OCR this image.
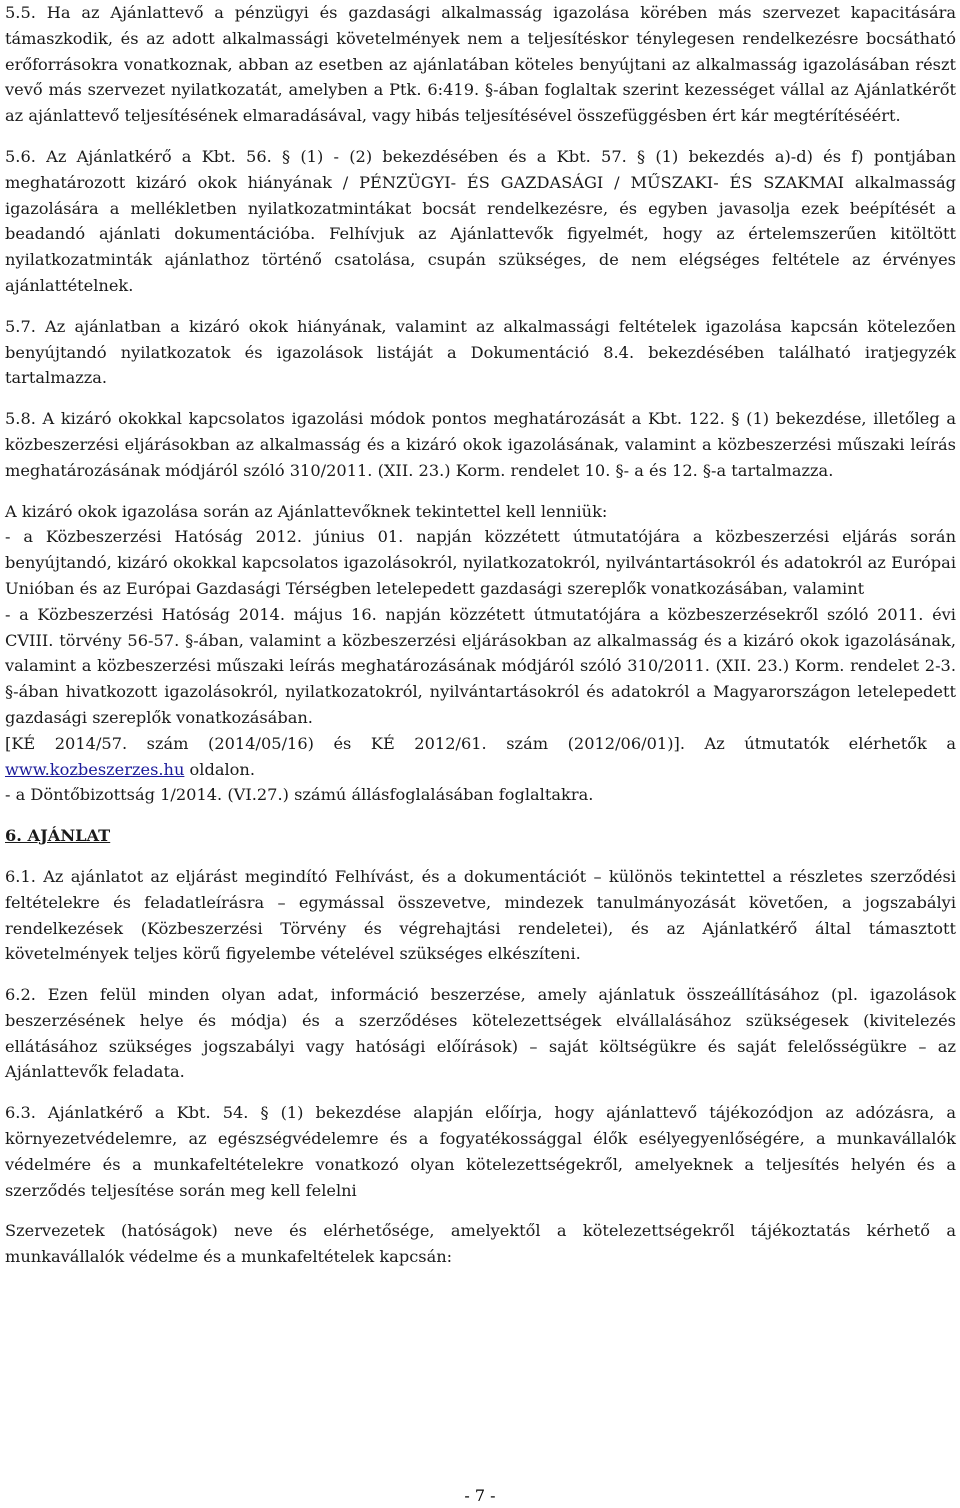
5.5. Ha az Ajánlattevő a pénzügyi és gazdasági alkalmasság igazolása körében más szervezet kapacitására támaszkodik, és az adott alkalmassági követelmények nem a teljesítéskor ténylegesen rendelkezésre bocsátható erőforrásokra vonatkoznak, abban az esetben az ajánlatában köteles benyújtani az alkalmasság igazolásában részt vevő más szervezet nyilatkozatát, amelyben a Ptk. 6:419. §-ában foglaltak szerint kezességet vállal az Ajánlatkérőt az ajánlattevő teljesítésének elmaradásával, vagy hibás teljesítésével összefüggésben ért kár megtérítéséért.

5.6. Az Ajánlatkérő a Kbt. 56. § (1) - (2) bekezdésében és a Kbt. 57. § (1) bekezdés a)-d) és f) pontjában meghatározott kizáró okok hiányának / PÉNZÜGYI- ÉS GAZDASÁGI / MŰSZAKI- ÉS SZAKMAI alkalmasság igazolására a mellékletben nyilatkozatmintákat bocsát rendelkezésre, és egyben javasolja ezek beépítését a beadandó ajánlati dokumentációba. Felhívjuk az Ajánlattevők figyelmét, hogy az értelemszerűen kitöltött nyilatkozatminták ajánlathoz történő csatolása, csupán szükséges, de nem elégséges feltétele az érvényes ajánlattételnek.

5.7. Az ajánlatban a kizáró okok hiányának, valamint az alkalmassági feltételek igazolása kapcsán kötelezően benyújtandó nyilatkozatok és igazolások listáját a Dokumentáció 8.4. bekezdésében található iratjegyzék tartalmazza.

5.8. A kizáró okokkal kapcsolatos igazolási módok pontos meghatározását a Kbt. 122. § (1) bekezdése, illetőleg a közbeszerzési eljárásokban az alkalmasság és a kizáró okok igazolásának, valamint a közbeszerzési műszaki leírás meghatározásának módjáról szóló 310/2011. (XII. 23.) Korm. rendelet 10. §- a és 12. §-a tartalmazza.

A kizáró okok igazolása során az Ajánlattevőknek tekintettel kell lenniük:

- a Közbeszerzési Hatóság 2012. június 01. napján közzétett útmutatójára a közbeszerzési eljárás során benyújtandó, kizáró okokkal kapcsolatos igazolásokról, nyilatkozatokról, nyilvántartásokról és adatokról az Európai Unióban és az Európai Gazdasági Térségben letelepedett gazdasági szereplők vonatkozásában, valamint

- a Közbeszerzési Hatóság 2014. május 16. napján közzétett útmutatójára a közbeszerzésekről szóló 2011. évi CVIII. törvény 56-57. §-ában, valamint a közbeszerzési eljárásokban az alkalmasság és a kizáró okok igazolásának, valamint a közbeszerzési műszaki leírás meghatározásának módjáról szóló 310/2011. (XII. 23.) Korm. rendelet 2-3. §-ában hivatkozott igazolásokról, nyilatkozatokról, nyilvántartásokról és adatokról a Magyarországon letelepedett gazdasági szereplők vonatkozásában.

[KÉ 2014/57. szám (2014/05/16) és KÉ 2012/61. szám (2012/06/01)]. Az útmutatók elérhetők a www.kozbeszerzes.hu oldalon.

- a Döntőbizottság 1/2014. (VI.27.) számú állásfoglalásában foglaltakra.

6. AJÁNLAT

6.1. Az ajánlatot az eljárást megindító Felhívást, és a dokumentációt – különös tekintettel a részletes szerződési feltételekre és feladatleírásra – egymással összevetve, mindezek tanulmányozását követően, a jogszabályi rendelkezések (Közbeszerzési Törvény és végrehajtási rendeletei), és az Ajánlatkérő által támasztott követelmények teljes körű figyelembe vételével szükséges elkészíteni.

6.2. Ezen felül minden olyan adat, információ beszerzése, amely ajánlatuk összeállításához (pl. igazolások beszerzésének helye és módja) és a szerződéses kötelezettségek elvállalásához szükségesek (kivitelezés ellátásához szükséges jogszabályi vagy hatósági előírások) – saját költségükre és saját felelősségükre – az Ajánlattevők feladata.

6.3. Ajánlatkérő a Kbt. 54. § (1) bekezdése alapján előírja, hogy ajánlattevő tájékozódjon az adózásra, a környezetvédelemre, az egészségvédelemre és a fogyatékossággal élők esélyegyenlőségére, a munkavállalók védelmére és a munkafeltételekre vonatkozó olyan kötelezettségekről, amelyeknek a teljesítés helyén és a szerződés teljesítése során meg kell felelni

Szervezetek (hatóságok) neve és elérhetősége, amelyektől a kötelezettségekről tájékoztatás kérhető a munkavállalók védelme és a munkafeltételek kapcsán:

- 7 -
